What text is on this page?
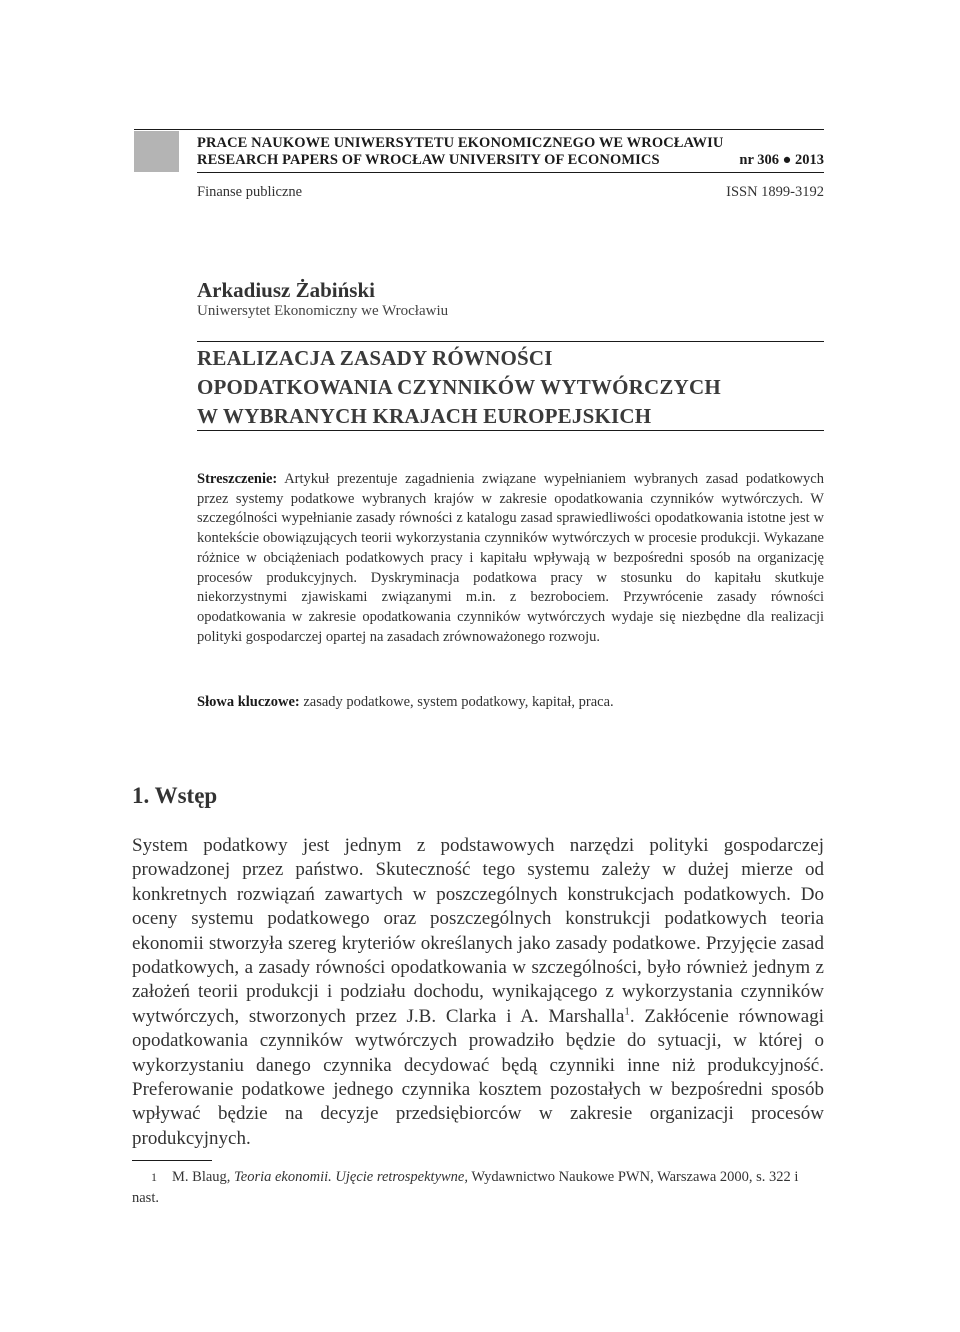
PRACE NAUKOWE UNIWERSYTETU EKONOMICZNEGO WE WROCŁAWIU
RESEARCH PAPERS OF WROCŁAW UNIVERSITY OF ECONOMICS	nr 306 ● 2013
Finanse publiczne	ISSN 1899-3192
Arkadiusz Żabiński
Uniwersytet Ekonomiczny we Wrocławiu
REALIZACJA ZASADY RÓWNOŚCI
OPODATKOWANIA CZYNNIKÓW WYTWÓRCZYCH
W WYBRANYCH KRAJACH EUROPEJSKICH
Streszczenie: Artykuł prezentuje zagadnienia związane wypełnianiem wybranych zasad podatkowych przez systemy podatkowe wybranych krajów w zakresie opodatkowania czynników wytwórczych. W szczególności wypełnianie zasady równości z katalogu zasad sprawiedliwości opodatkowania istotne jest w kontekście obowiązujących teorii wykorzystania czynników wytwórczych w procesie produkcji. Wykazane różnice w obciążeniach podatkowych pracy i kapitału wpływają w bezpośredni sposób na organizację procesów produkcyjnych. Dyskryminacja podatkowa pracy w stosunku do kapitału skutkuje niekorzystnymi zjawiskami związanymi m.in. z bezrobociem. Przywrócenie zasady równości opodatkowania w zakresie opodatkowania czynników wytwórczych wydaje się niezbędne dla realizacji polityki gospodarczej opartej na zasadach zrównoważonego rozwoju.
Słowa kluczowe: zasady podatkowe, system podatkowy, kapitał, praca.
1. Wstęp
System podatkowy jest jednym z podstawowych narzędzi polityki gospodarczej prowadzonej przez państwo. Skuteczność tego systemu zależy w dużej mierze od konkretnych rozwiązań zawartych w poszczególnych konstrukcjach podatkowych. Do oceny systemu podatkowego oraz poszczególnych konstrukcji podatkowych teoria ekonomii stworzyła szereg kryteriów określanych jako zasady podatkowe. Przyjęcie zasad podatkowych, a zasady równości opodatkowania w szczególności, było również jednym z założeń teorii produkcji i podziału dochodu, wynikającego z wykorzystania czynników wytwórczych, stworzonych przez J.B. Clarka i A. Marshalla$^1$. Zakłócenie równowagi opodatkowania czynników wytwórczych prowadziło będzie do sytuacji, w której o wykorzystaniu danego czynnika decydować będą czynniki inne niż produkcyjność. Preferowanie podatkowe jednego czynnika kosztem pozostałych w bezpośredni sposób wpływać będzie na decyzje przedsiębiorców w zakresie organizacji procesów produkcyjnych.
1 M. Blaug, Teoria ekonomii. Ujęcie retrospektywne, Wydawnictwo Naukowe PWN, Warszawa 2000, s. 322 i nast.
